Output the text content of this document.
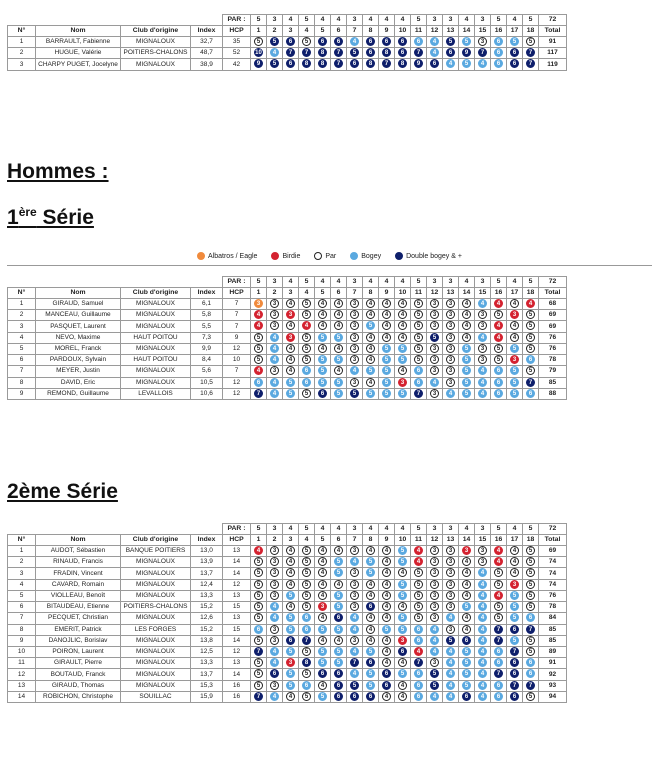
				PAR :	5	3	4	5	4	4	3	4	4	4	5	3	3	4	3	5	4	5	72
N°	Nom	Club d'origine	Index	HCP	1	2	3	4	5	6	7	8	9	10	11	12	13	14	15	16	17	18	Total
1	BARRAULT, Fabienne	MIGNALOUX	32,7	35	5	5	6	5	6	6	4	6	6	6	6	4	5	5	3	6	5	5	91
2	HUGUE, Valérie	POITIERS-CHALONS	48,7	52	10	4	7	7	8	7	5	6	8	6	7	4	6	9	7	6	6	7	117
3	CHARPY PUGET, Jocelyne	MIGNALOUX	38,9	42	9	5	6	8	8	7	6	8	7	8	9	6	4	5	4	6	6	7	119
Hommes :
1ère Série
Albatros / Eagle	Birdie	Par	Bogey	Double bogey & +
				PAR :	5	3	4	5	4	4	3	4	4	4	5	3	3	4	3	5	4	5	72
N°	Nom	Club d'origine	Index	HCP	1	2	3	4	5	6	7	8	9	10	11	12	13	14	15	16	17	18	Total
1	GIRAUD, Samuel	MIGNALOUX	6,1	7	3	3	4	5	4	4	3	4	4	4	5	3	3	4	4	4	4	4	68
2	MANCEAU, Guillaume	MIGNALOUX	5,8	7	4	3	3	5	4	4	3	4	4	4	5	3	3	4	3	5	3	5	69
3	PASQUET, Laurent	MIGNALOUX	5,5	7	4	3	4	4	4	4	3	5	4	4	5	3	3	4	3	4	4	5	69
4	NEVO, Maxime	HAUT POITOU	7,3	9	5	4	3	5	5	5	3	4	4	4	5	5	3	4	4	4	4	5	76
5	MOREL, Franck	MIGNALOUX	9,9	12	5	4	4	5	4	4	3	4	5	5	5	3	3	5	3	5	5	5	76
6	PARDOUX, Sylvain	HAUT POITOU	8,4	10	5	4	4	5	5	5	3	4	5	5	5	3	3	5	3	5	3	6	78
7	MEYER, Justin	MIGNALOUX	5,6	7	4	3	4	6	5	4	4	5	5	4	6	3	3	5	4	6	5	5	79
8	DAVID, Eric	MIGNALOUX	10,5	12	6	4	5	6	5	5	3	4	5	3	6	4	3	5	4	6	5	7	85
9	REMOND, Guillaume	LEVALLOIS	10,6	12	7	4	5	5	6	5	5	5	5	5	7	3	4	5	4	6	5	6	88
2ème Série
				PAR :	5	3	4	5	4	4	3	4	4	4	5	3	3	4	3	5	4	5	72
N°	Nom	Club d'origine	Index	HCP	1	2	3	4	5	6	7	8	9	10	11	12	13	14	15	16	17	18	Total
1	AUDOT, Sébastien	BANQUE POITIERS	13,0	13	4	3	4	5	4	4	3	4	4	5	4	3	3	3	3	4	4	5	69
2	RINAUD, Francis	MIGNALOUX	13,9	14	5	3	4	5	4	5	4	5	4	5	4	3	3	4	3	4	4	5	74
3	FRADIN, Vincent	MIGNALOUX	13,7	14	5	3	4	5	4	5	3	5	4	4	5	3	3	4	4	5	4	5	74
4	CAVARD, Romain	MIGNALOUX	12,4	12	5	3	4	5	4	4	3	4	4	5	5	3	3	4	4	5	3	5	74
5	VIOLLEAU, Benoît	MIGNALOUX	13,3	13	5	3	5	5	4	5	3	4	4	5	5	3	3	4	4	4	5	5	76
6	BITAUDEAU, Etienne	POITIERS-CHALONS	15,2	15	5	4	4	5	3	5	3	6	4	4	5	3	3	5	4	5	5	5	78
7	PECQUET, Christian	MIGNALOUX	12,6	13	5	4	5	6	4	6	4	4	4	5	5	3	4	4	4	5	5	6	84
8	EMERIT, Patrick	LES FORGES	15,2	15	6	3	5	6	5	5	4	4	5	5	6	4	3	4	4	7	6	7	85
9	DANOJLIC, Borislav	MIGNALOUX	13,8	14	5	3	6	7	4	4	3	4	4	3	6	4	5	6	4	7	5	5	85
10	POIRON, Laurent	MIGNALOUX	12,5	12	7	4	5	5	5	5	4	5	4	6	4	4	4	5	4	6	7	5	89
11	GIRAULT, Pierre	MIGNALOUX	13,3	13	5	4	3	8	5	5	7	6	4	4	7	3	4	5	4	6	6	6	91
12	BOUTAUD, Franck	MIGNALOUX	13,7	14	5	6	5	5	6	6	4	5	6	5	6	5	4	5	4	7	6	6	92
13	GIRAUD, Thomas	MIGNALOUX	15,3	16	5	3	5	6	4	6	5	5	6	4	6	5	4	5	4	6	7	7	93
14	ROBICHON, Christophe	SOUILLAC	15,9	16	7	4	4	5	5	6	6	6	4	4	6	4	4	6	4	6	6	5	94
